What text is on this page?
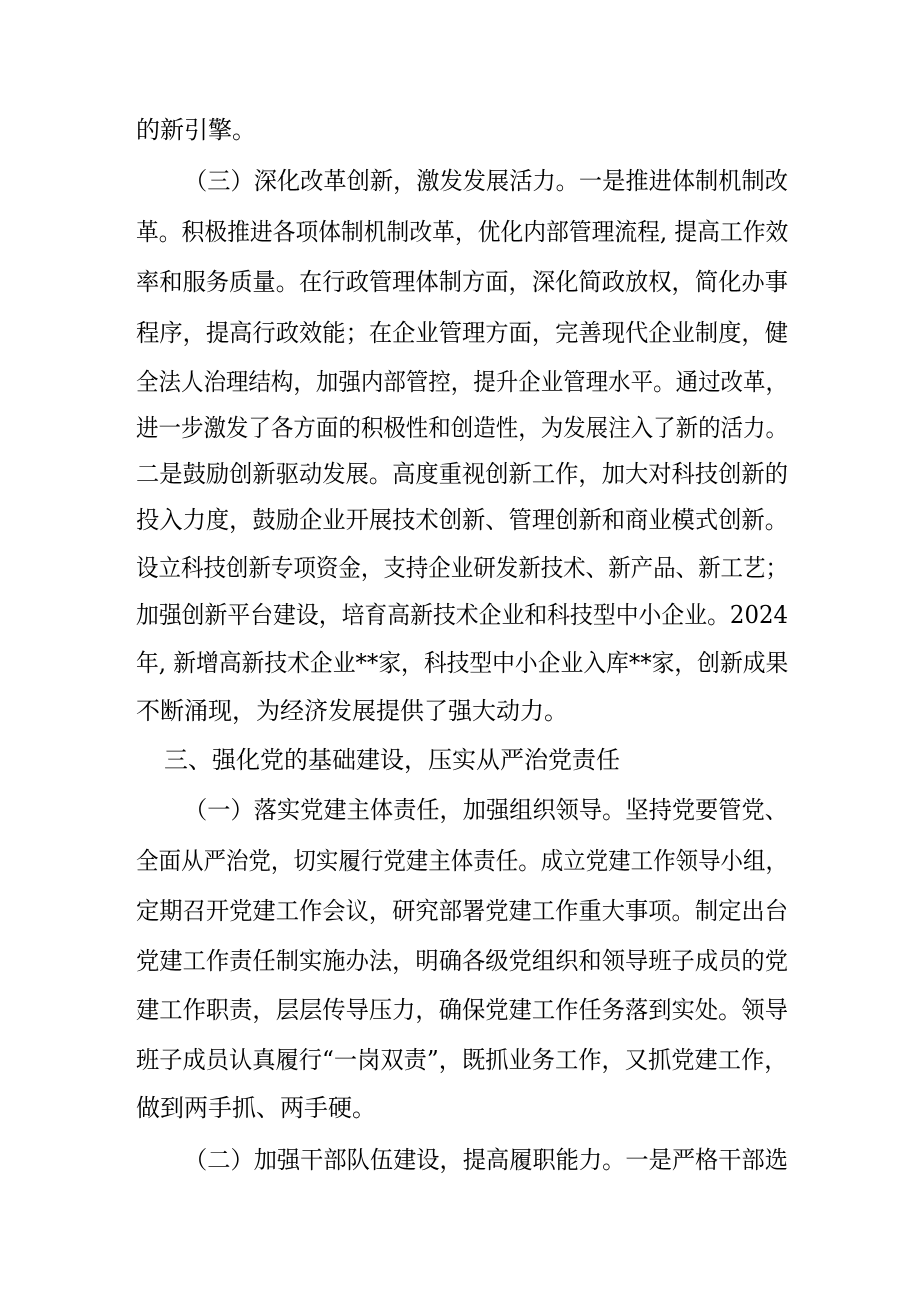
的新引擎。

（三）深化改革创新，激发发展活力。一是推进体制机制改

革。积极推进各项体制机制改革，优化内部管理流程, 提高工作效

率和服务质量。在行政管理体制方面，深化简政放权，简化办事

程序，提高行政效能；在企业管理方面，完善现代企业制度，健

全法人治理结构，加强内部管控，提升企业管理水平。通过改革，

进一步激发了各方面的积极性和创造性，为发展注入了新的活力。

二是鼓励创新驱动发展。高度重视创新工作，加大对科技创新的

投入力度，鼓励企业开展技术创新、管理创新和商业模式创新。

设立科技创新专项资金，支持企业研发新技术、新产品、新工艺；

加强创新平台建设，培育高新技术企业和科技型中小企业。2024

年, 新增高新技术企业**家，科技型中小企业入库**家，创新成果

不断涌现，为经济发展提供了强大动力。

三、强化党的基础建设，压实从严治党责任

（一）落实党建主体责任，加强组织领导。坚持党要管党、

全面从严治党，切实履行党建主体责任。成立党建工作领导小组，

定期召开党建工作会议，研究部署党建工作重大事项。制定出台

党建工作责任制实施办法，明确各级党组织和领导班子成员的党

建工作职责，层层传导压力，确保党建工作任务落到实处。领导

班子成员认真履行“一岗双责”，既抓业务工作，又抓党建工作，

做到两手抓、两手硬。

（二）加强干部队伍建设，提高履职能力。一是严格干部选
